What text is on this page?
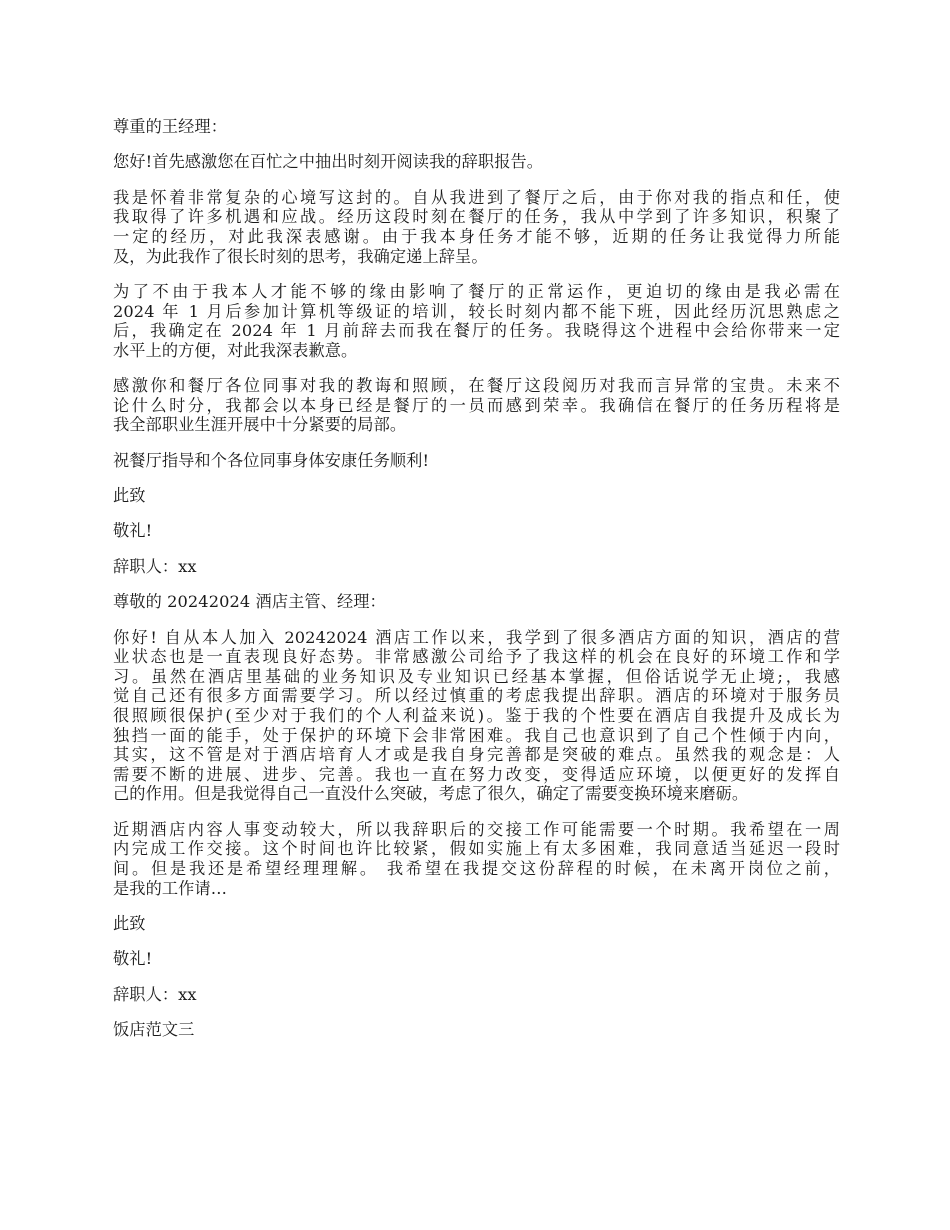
尊重的王经理：

您好!首先感激您在百忙之中抽出时刻开阅读我的辞职报告。

我是怀着非常复杂的心境写这封的。自从我进到了餐厅之后，由于你对我的指点和任，使
我取得了许多机遇和应战。经历这段时刻在餐厅的任务，我从中学到了许多知识，积聚了
一定的经历，对此我深表感谢。由于我本身任务才能不够，近期的任务让我觉得力所能
及，为此我作了很长时刻的思考，我确定递上辞呈。

为了不由于我本人才能不够的缘由影响了餐厅的正常运作，更迫切的缘由是我必需在
2024 年 1 月后参加计算机等级证的培训，较长时刻内都不能下班，因此经历沉思熟虑之
后，我确定在 2024 年 1 月前辞去而我在餐厅的任务。我晓得这个进程中会给你带来一定
水平上的方便，对此我深表歉意。

感激你和餐厅各位同事对我的教诲和照顾，在餐厅这段阅历对我而言异常的宝贵。未来不
论什么时分，我都会以本身已经是餐厅的一员而感到荣幸。我确信在餐厅的任务历程将是
我全部职业生涯开展中十分紧要的局部。

祝餐厅指导和个各位同事身体安康任务顺利!

此致

敬礼!

辞职人：xx

尊敬的 20242024 酒店主管、经理：

你好! 自从本人加入 20242024 酒店工作以来，我学到了很多酒店方面的知识，酒店的营
业状态也是一直表现良好态势。非常感激公司给予了我这样的机会在良好的环境工作和学
习。虽然在酒店里基础的业务知识及专业知识已经基本掌握，但俗话说学无止境;，我感
觉自己还有很多方面需要学习。所以经过慎重的考虑我提出辞职。酒店的环境对于服务员
很照顾很保护(至少对于我们的个人利益来说)。鉴于我的个性要在酒店自我提升及成长为
独挡一面的能手，处于保护的环境下会非常困难。我自己也意识到了自己个性倾于内向，
其实，这不管是对于酒店培育人才或是我自身完善都是突破的难点。虽然我的观念是：人
需要不断的进展、进步、完善。我也一直在努力改变，变得适应环境，以便更好的发挥自
己的作用。但是我觉得自己一直没什么突破，考虑了很久，确定了需要变换环境来磨砺。

近期酒店内容人事变动较大，所以我辞职后的交接工作可能需要一个时期。我希望在一周
内完成工作交接。这个时间也许比较紧，假如实施上有太多困难，我同意适当延迟一段时
间。但是我还是希望经理理解。 我希望在我提交这份辞程的时候，在未离开岗位之前，
是我的工作请…

此致

敬礼!

辞职人：xx

饭店范文三
